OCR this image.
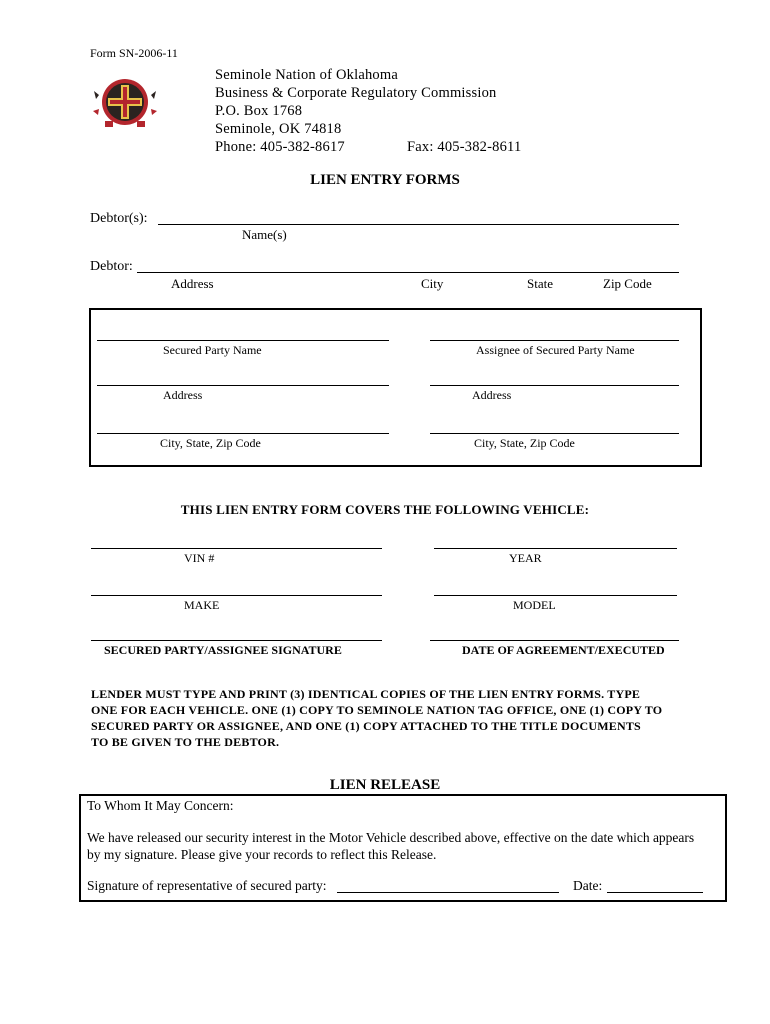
Form SN-2006-11
Seminole Nation of Oklahoma
Business & Corporate Regulatory Commission
P.O. Box 1768
Seminole, OK 74818
Phone: 405-382-8617	Fax: 405-382-8611
LIEN ENTRY FORMS
Debtor(s):
Name(s)
Debtor:
Address	City	State	Zip Code
Secured Party Name	Assignee of Secured Party Name
Address	Address
City, State, Zip Code	City, State, Zip Code
THIS LIEN ENTRY FORM COVERS THE FOLLOWING VEHICLE:
VIN #	YEAR
MAKE	MODEL
SECURED PARTY/ASSIGNEE SIGNATURE	DATE OF AGREEMENT/EXECUTED
LENDER MUST TYPE AND PRINT (3) IDENTICAL COPIES OF THE LIEN ENTRY FORMS. TYPE
ONE FOR EACH VEHICLE. ONE (1) COPY TO SEMINOLE NATION TAG OFFICE, ONE (1) COPY TO
SECURED PARTY OR ASSIGNEE, AND ONE (1) COPY ATTACHED TO THE TITLE DOCUMENTS
TO BE GIVEN TO THE DEBTOR.
LIEN RELEASE
To Whom It May Concern:
We have released our security interest in the Motor Vehicle described above, effective on the date which appears
by my signature. Please give your records to reflect this Release.
Signature of representative of secured party:	Date:
